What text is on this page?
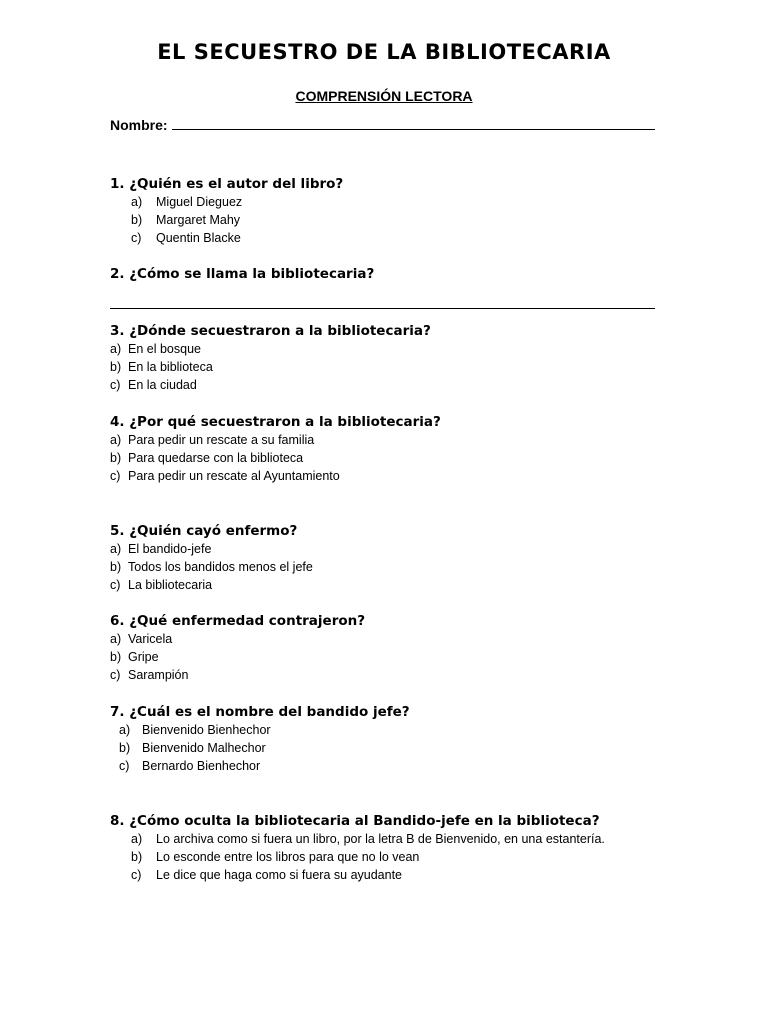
EL SECUESTRO DE LA BIBLIOTECARIA
COMPRENSIÓN LECTORA
Nombre:
1. ¿Quién es el autor del libro?
a)	Miguel Dieguez
b)	Margaret Mahy
c)	Quentin Blacke
2. ¿Cómo se llama la bibliotecaria?
3. ¿Dónde secuestraron a la bibliotecaria?
a) En el bosque
b) En la biblioteca
c) En la ciudad
4. ¿Por qué secuestraron a la bibliotecaria?
a) Para pedir un rescate a su familia
b) Para quedarse con la biblioteca
c) Para pedir un rescate al Ayuntamiento
5. ¿Quién cayó enfermo?
a) El bandido-jefe
b) Todos los bandidos menos el jefe
c) La bibliotecaria
6. ¿Qué enfermedad contrajeron?
a) Varicela
b) Gripe
c) Sarampión
7. ¿Cuál es el nombre del bandido jefe?
a) Bienvenido Bienhechor
b) Bienvenido Malhechor
c)	Bernardo Bienhechor
8. ¿Cómo oculta la bibliotecaria al Bandido-jefe en la biblioteca?
a)	Lo archiva como si fuera un libro, por la letra B de Bienvenido, en una estantería.
b)	Lo esconde entre los libros para que no lo vean
c)	Le dice que haga como si fuera su ayudante
